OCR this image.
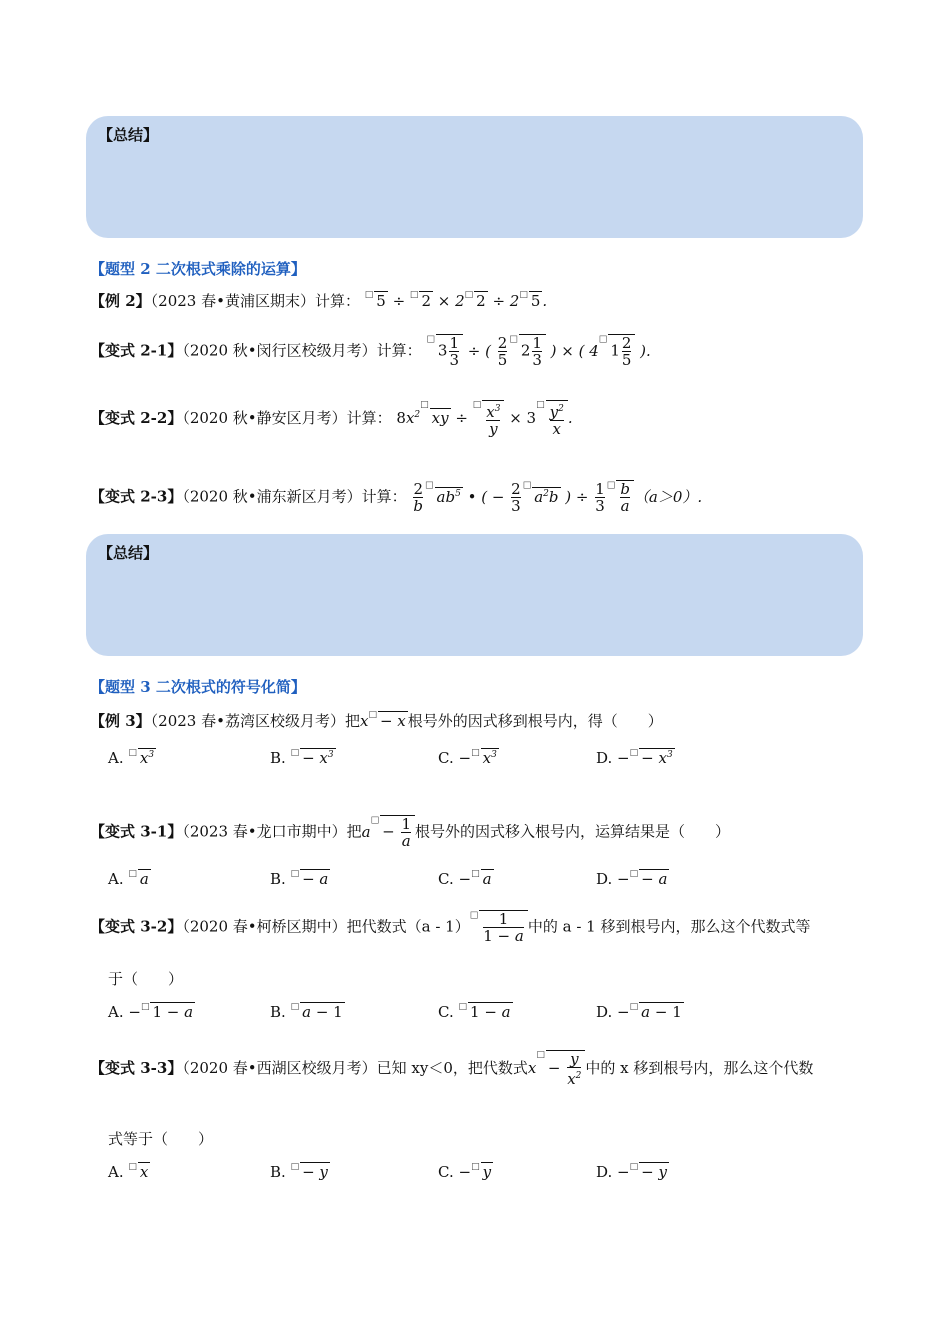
【总结】
【题型 2 二次根式乘除的运算】
【例 2】（2023 春•黄浦区期末）计算： □ 5 ÷ □ 2 × 2□ 2 ÷ 2□ 5 .
【变式 2-1】（2020 秋•闵行区校级月考）计算： $^□3 \frac{1}{3}$ ÷ ( $\frac{2}{5} ^□2 \frac{1}{3}$ ) × ( $4^□1 \frac{2}{5}$ ).
【变式 2-2】（2020 秋•静安区月考）计算： $8x^{2□}xy \div ^□ \frac{x^3}{y} \times 3^□ \frac{y^2}{x}$ .
【变式 2-3】（2020 秋•浦东新区月考）计算： $\frac{2}{b} ^□ab^5$ • ( − $\frac{2}{3} ^□a^2b$ ) ÷ $\frac{1}{3} ^□ \frac{b}{a} (a>0)$.
【总结】
【题型 3 二次根式的符号化简】
【例 3】（2023 春•荔湾区校级月考）把x□ − x 根号外的因式移到根号内，得（　　）
A. □ $x^3$	B. $^□ - x^3$	C. −□ $x^3$	D. $-^□ - x^3$
【变式 3-1】（2023 春•龙口市期中）把$a^□- \frac{1}{a}$ 根号外的因式移入根号内，运算结果是（　　）
A. □ a	B. □ − a	C. −□ a	D. −□ − a
【变式 3-2】（2020 春•柯桥区期中）把代数式$(a - 1)^□ \frac{1}{1 - a}$ 中的 a - 1 移到根号内，那么这个代数式等
于（　　）
A. −□ 1 − a	B. □ a − 1	C. □ 1 − a	D. −□ a − 1
【变式 3-3】（2020 春•西湖区校级月考）已知 xy＜0，把代数式$x^□- \frac{y}{x^2}$ 中的 x 移到根号内，那么这个代数
式等于（　　）
A. □ x	B. □ − y	C. −□ y	D. −□ − y
